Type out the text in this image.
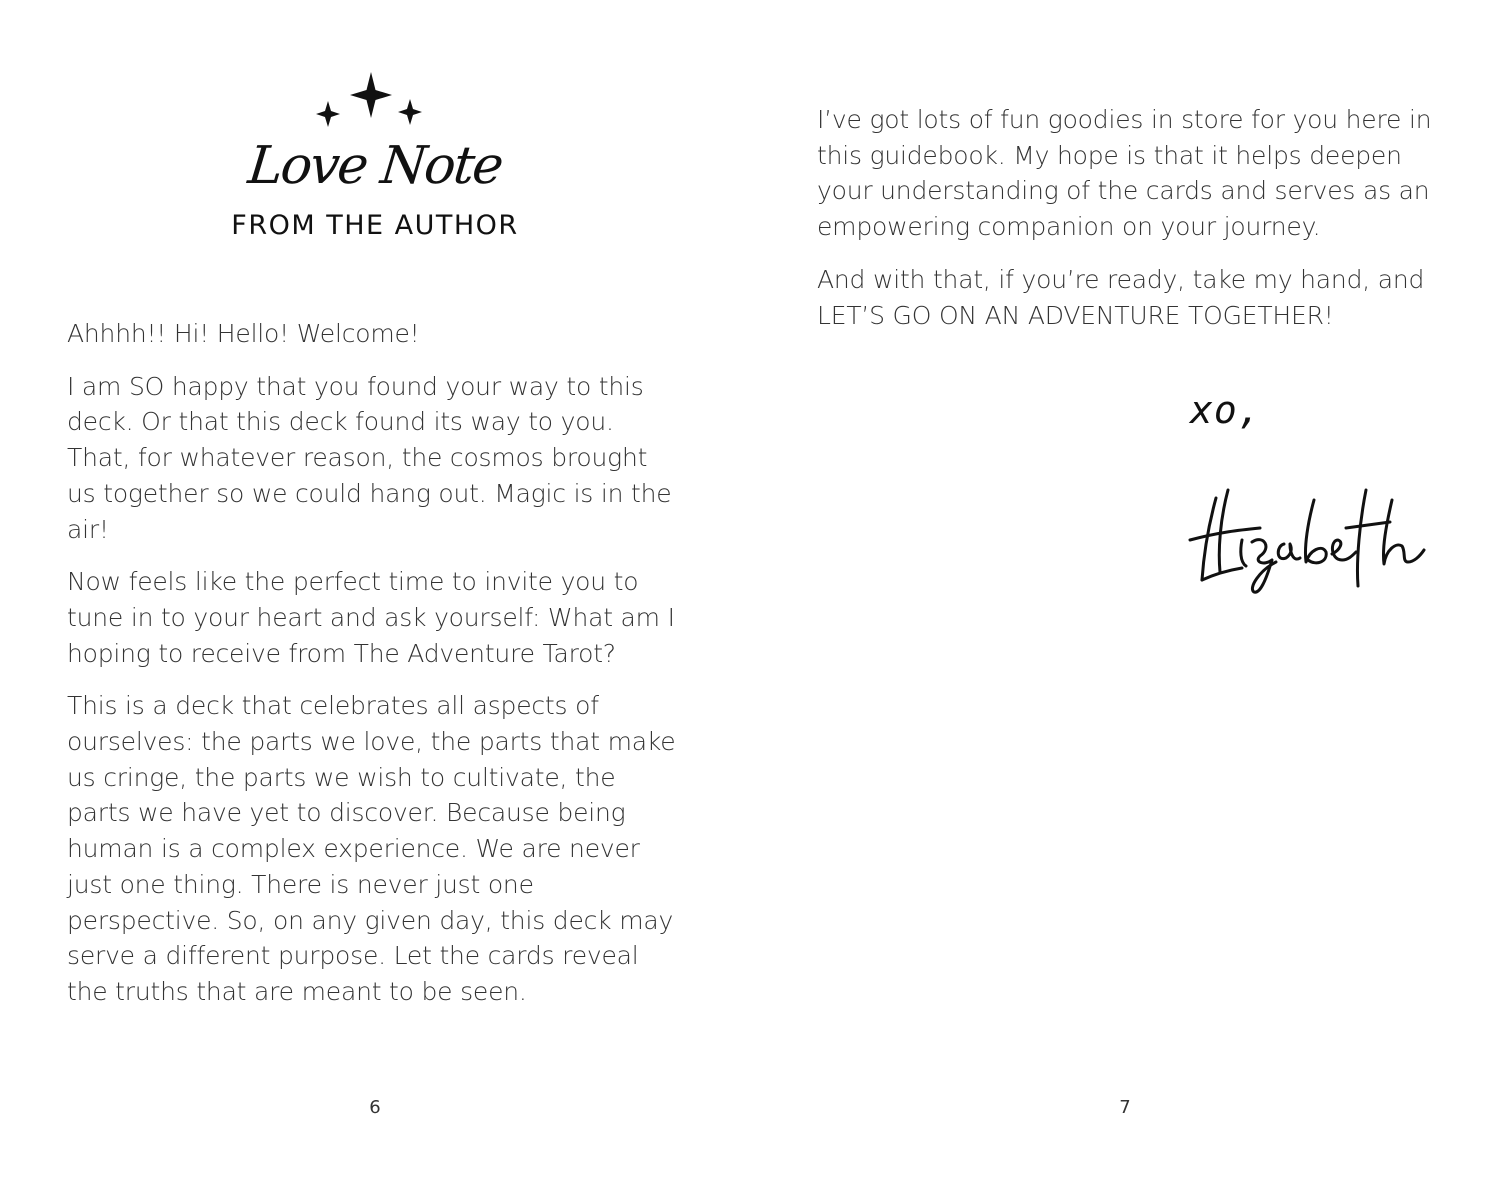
Love Note
FROM THE AUTHOR

Ahhhh!! Hi! Hello! Welcome!

I am SO happy that you found your way to this deck. Or that this deck found its way to you. That, for whatever reason, the cosmos brought us together so we could hang out. Magic is in the air!

Now feels like the perfect time to invite you to tune in to your heart and ask yourself: What am I hoping to receive from The Adventure Tarot?

This is a deck that celebrates all aspects of ourselves: the parts we love, the parts that make us cringe, the parts we wish to cultivate, the parts we have yet to discover. Because being human is a complex experience. We are never just one thing. There is never just one perspective. So, on any given day, this deck may serve a different purpose. Let the cards reveal the truths that are meant to be seen.

6

I’ve got lots of fun goodies in store for you here in this guidebook. My hope is that it helps deepen your understanding of the cards and serves as an empowering companion on your journey.

And with that, if you’re ready, take my hand, and LET’S GO ON AN ADVENTURE TOGETHER!

xo,
7
